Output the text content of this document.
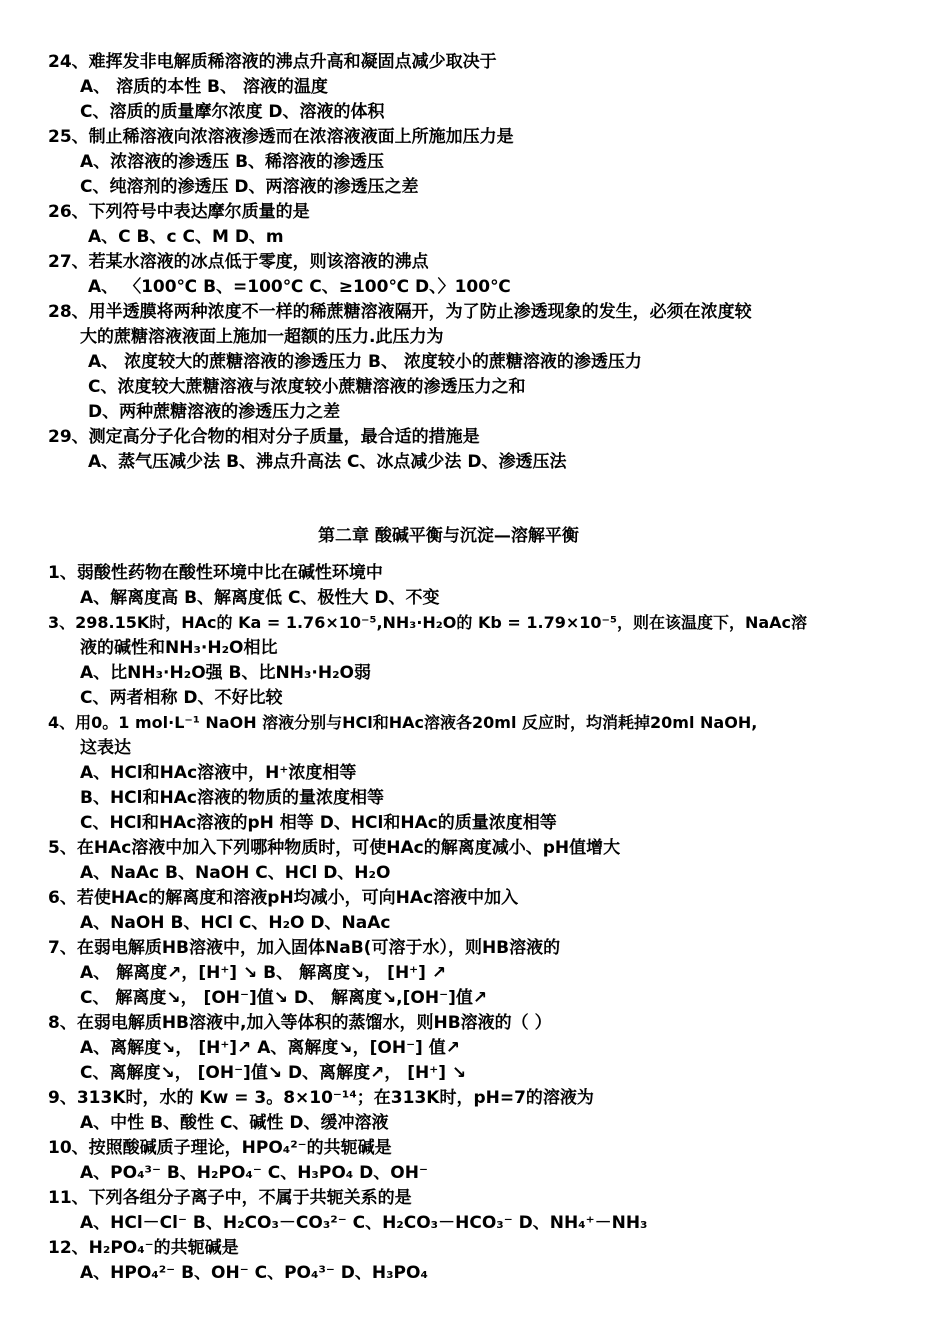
24、难挥发非电解质稀溶液的沸点升高和凝固点减少取决于
A、 溶质的本性 B、 溶液的温度
C、溶质的质量摩尔浓度 D、溶液的体积
25、制止稀溶液向浓溶液渗透而在浓溶液液面上所施加压力是
A、浓溶液的渗透压 B、稀溶液的渗透压
C、纯溶剂的渗透压 D、两溶液的渗透压之差
26、下列符号中表达摩尔质量的是
A、C B、c C、M D、m
27、若某水溶液的冰点低于零度，则该溶液的沸点
A、 〈100℃ B、=100℃ C、≥100℃ D、〉100℃
28、用半透膜将两种浓度不一样的稀蔗糖溶液隔开，为了防止渗透现象的发生，必须在浓度较
大的蔗糖溶液液面上施加一超额的压力.此压力为
A、 浓度较大的蔗糖溶液的渗透压力 B、 浓度较小的蔗糖溶液的渗透压力
C、浓度较大蔗糖溶液与浓度较小蔗糖溶液的渗透压力之和
D、两种蔗糖溶液的渗透压力之差
29、测定高分子化合物的相对分子质量，最合适的措施是
A、蒸气压减少法 B、沸点升高法 C、冰点减少法 D、渗透压法
第二章 酸碱平衡与沉淀—溶解平衡
1、弱酸性药物在酸性环境中比在碱性环境中
A、解离度高 B、解离度低 C、极性大 D、不变
3、298.15K时，HAc的 Ka = 1.76×10⁻⁵,NH₃·H₂O的 Kb = 1.79×10⁻⁵，则在该温度下，NaAc溶
液的碱性和NH₃·H₂O相比
A、比NH₃·H₂O强 B、比NH₃·H₂O弱
C、两者相称 D、不好比较
4、用0。1 mol·L⁻¹ NaOH 溶液分别与HCl和HAc溶液各20ml 反应时，均消耗掉20ml NaOH,
这表达
A、HCl和HAc溶液中，H⁺浓度相等
B、HCl和HAc溶液的物质的量浓度相等
C、HCl和HAc溶液的pH 相等 D、HCl和HAc的质量浓度相等
5、在HAc溶液中加入下列哪种物质时，可使HAc的解离度减小、pH值增大
A、NaAc B、NaOH C、HCl D、H₂O
6、若使HAc的解离度和溶液pH均减小，可向HAc溶液中加入
A、NaOH B、HCl C、H₂O D、NaAc
7、在弱电解质HB溶液中，加入固体NaB(可溶于水），则HB溶液的
A、 解离度↗，[H⁺] ↘ B、 解离度↘， [H⁺] ↗
C、 解离度↘， [OH⁻]值↘ D、 解离度↘,[OH⁻]值↗
8、在弱电解质HB溶液中,加入等体积的蒸馏水，则HB溶液的（ ）
A、离解度↘， [H⁺]↗ A、离解度↘，[OH⁻] 值↗
C、离解度↘， [OH⁻]值↘ D、离解度↗， [H⁺] ↘
9、313K时，水的 Kw = 3。8×10⁻¹⁴；在313K时，pH=7的溶液为
A、中性 B、酸性 C、碱性 D、缓冲溶液
10、按照酸碱质子理论，HPO₄²⁻的共轭碱是
A、PO₄³⁻ B、H₂PO₄⁻ C、H₃PO₄ D、OH⁻
11、下列各组分子离子中，不属于共轭关系的是
A、HCl－Cl⁻ B、H₂CO₃－CO₃²⁻ C、H₂CO₃－HCO₃⁻ D、NH₄⁺－NH₃
12、H₂PO₄⁻的共轭碱是
A、HPO₄²⁻ B、OH⁻ C、PO₄³⁻ D、H₃PO₄
